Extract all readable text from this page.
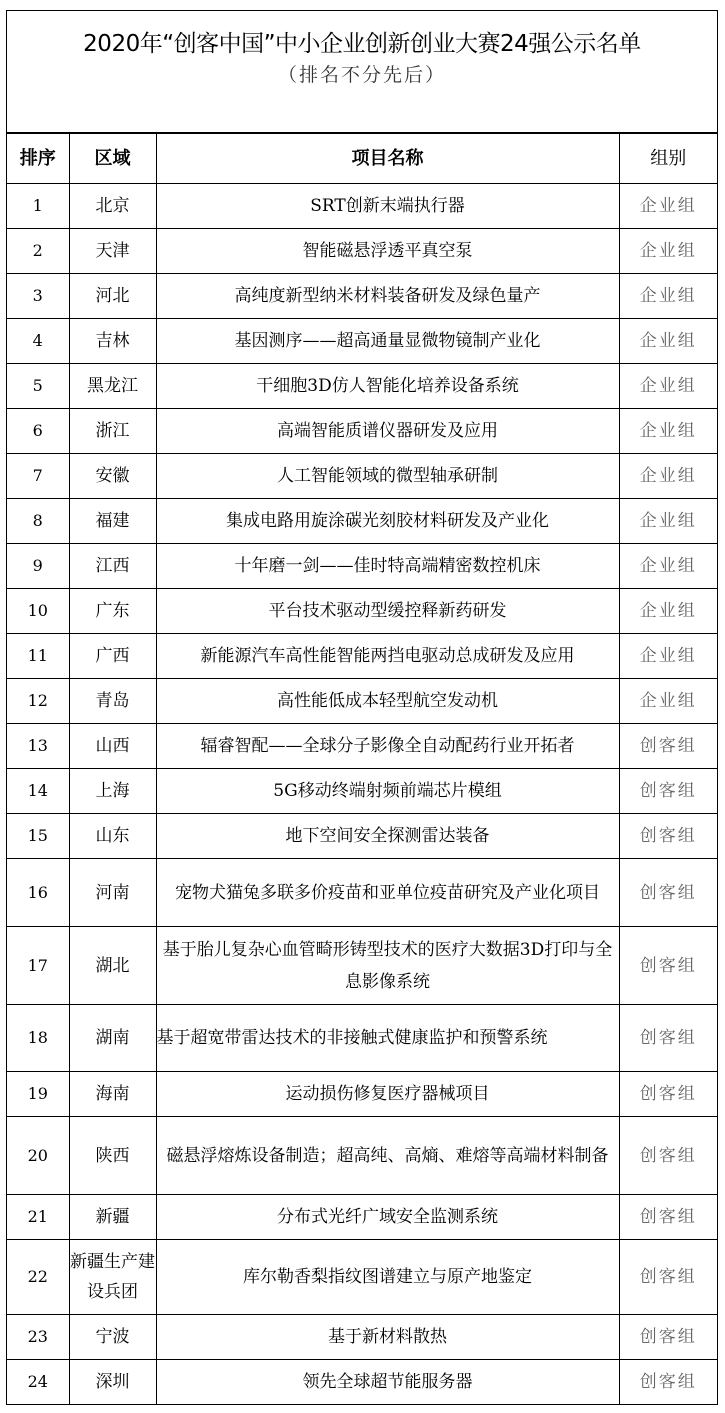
2020年“创客中国”中小企业创新创业大赛24强公示名单
（排名不分先后）
排序	区域	项目名称	组别
1	北京	SRT创新末端执行器	企业组
2	天津	智能磁悬浮透平真空泵	企业组
3	河北	高纯度新型纳米材料装备研发及绿色量产	企业组
4	吉林	基因测序——超高通量显微物镜制产业化	企业组
5	黑龙江	干细胞3D仿人智能化培养设备系统	企业组
6	浙江	高端智能质谱仪器研发及应用	企业组
7	安徽	人工智能领域的微型轴承研制	企业组
8	福建	集成电路用旋涂碳光刻胶材料研发及产业化	企业组
9	江西	十年磨一剑——佳时特高端精密数控机床	企业组
10	广东	平台技术驱动型缓控释新药研发	企业组
11	广西	新能源汽车高性能智能两挡电驱动总成研发及应用	企业组
12	青岛	高性能低成本轻型航空发动机	企业组
13	山西	辐睿智配——全球分子影像全自动配药行业开拓者	创客组
14	上海	5G移动终端射频前端芯片模组	创客组
15	山东	地下空间安全探测雷达装备	创客组
16	河南	宠物犬猫兔多联多价疫苗和亚单位疫苗研究及产业化项目	创客组
17	湖北	基于胎儿复杂心血管畸形铸型技术的医疗大数据3D打印与全息影像系统	创客组
18	湖南	基于超宽带雷达技术的非接触式健康监护和预警系统	创客组
19	海南	运动损伤修复医疗器械项目	创客组
20	陕西	磁悬浮熔炼设备制造；超高纯、高熵、难熔等高端材料制备	创客组
21	新疆	分布式光纤广域安全监测系统	创客组
22	新疆生产建设兵团	库尔勒香梨指纹图谱建立与原产地鉴定	创客组
23	宁波	基于新材料散热	创客组
24	深圳	领先全球超节能服务器	创客组
